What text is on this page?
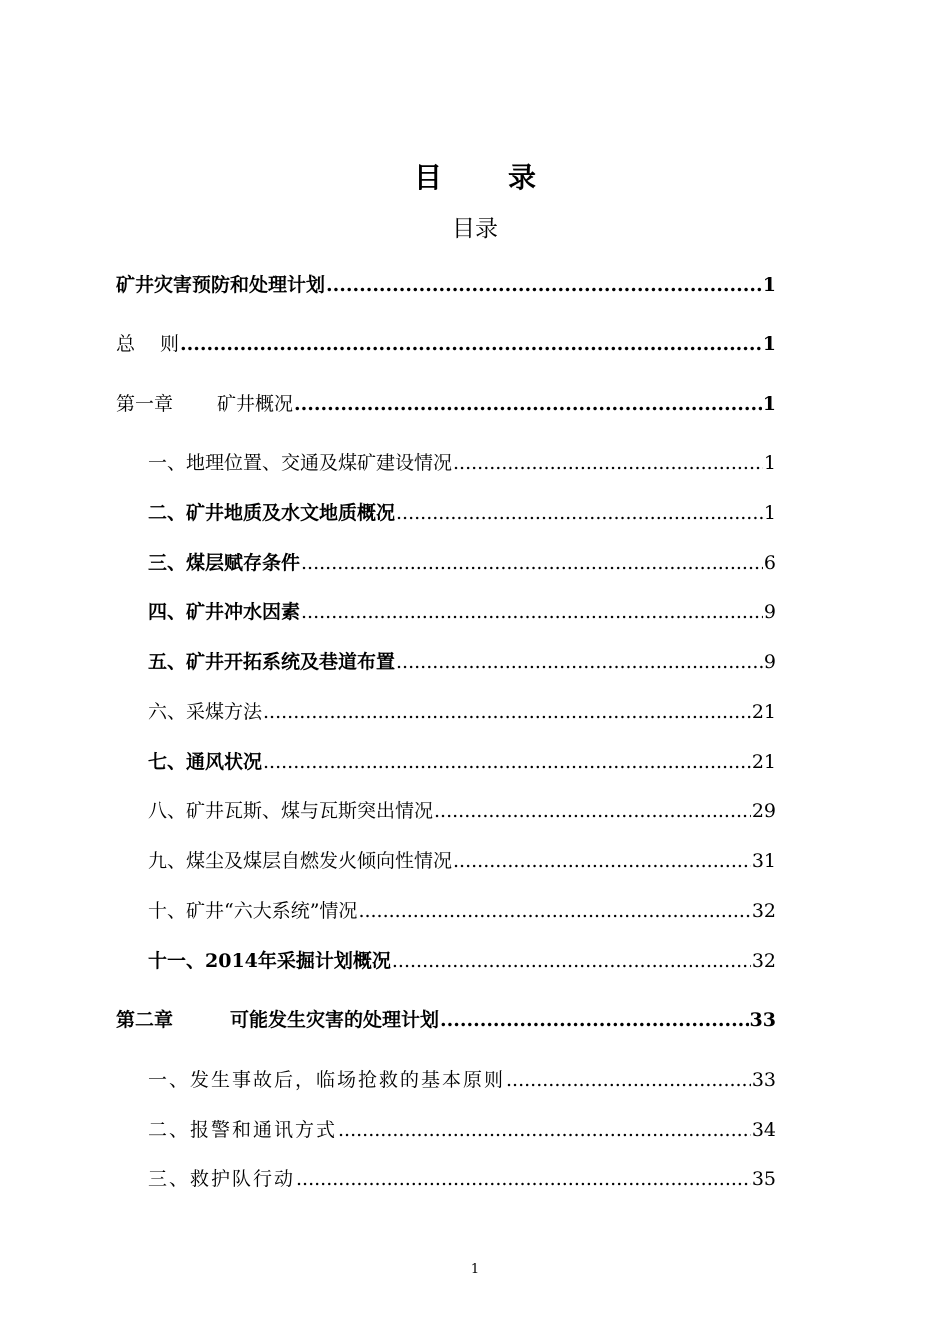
目 录
目录
矿井灾害预防和处理计划 .....	1
总　 则 .....	1
第一章　　 矿井概况 .....	1
一、地理位置、交通及煤矿建设情况 .....	1
二、矿井地质及水文地质概况 .....	1
三、煤层赋存条件 .....	6
四、矿井冲水因素 .....	9
五、矿井开拓系统及巷道布置 .....	9
六、采煤方法 .....	21
七、通风状况 .....	21
八、矿井瓦斯、煤与瓦斯突出情况 .....	29
九、煤尘及煤层自燃发火倾向性情况 .....	31
十、矿井“六大系统”情况 .....	32
十一、2014年采掘计划概况 .....	32
第二章　　　可能发生灾害的处理计划 .....	33
一、发生事故后，临场抢救的基本原则 .....	33
二、报警和通讯方式 .....	34
三、救护队行动 .....	35
1
